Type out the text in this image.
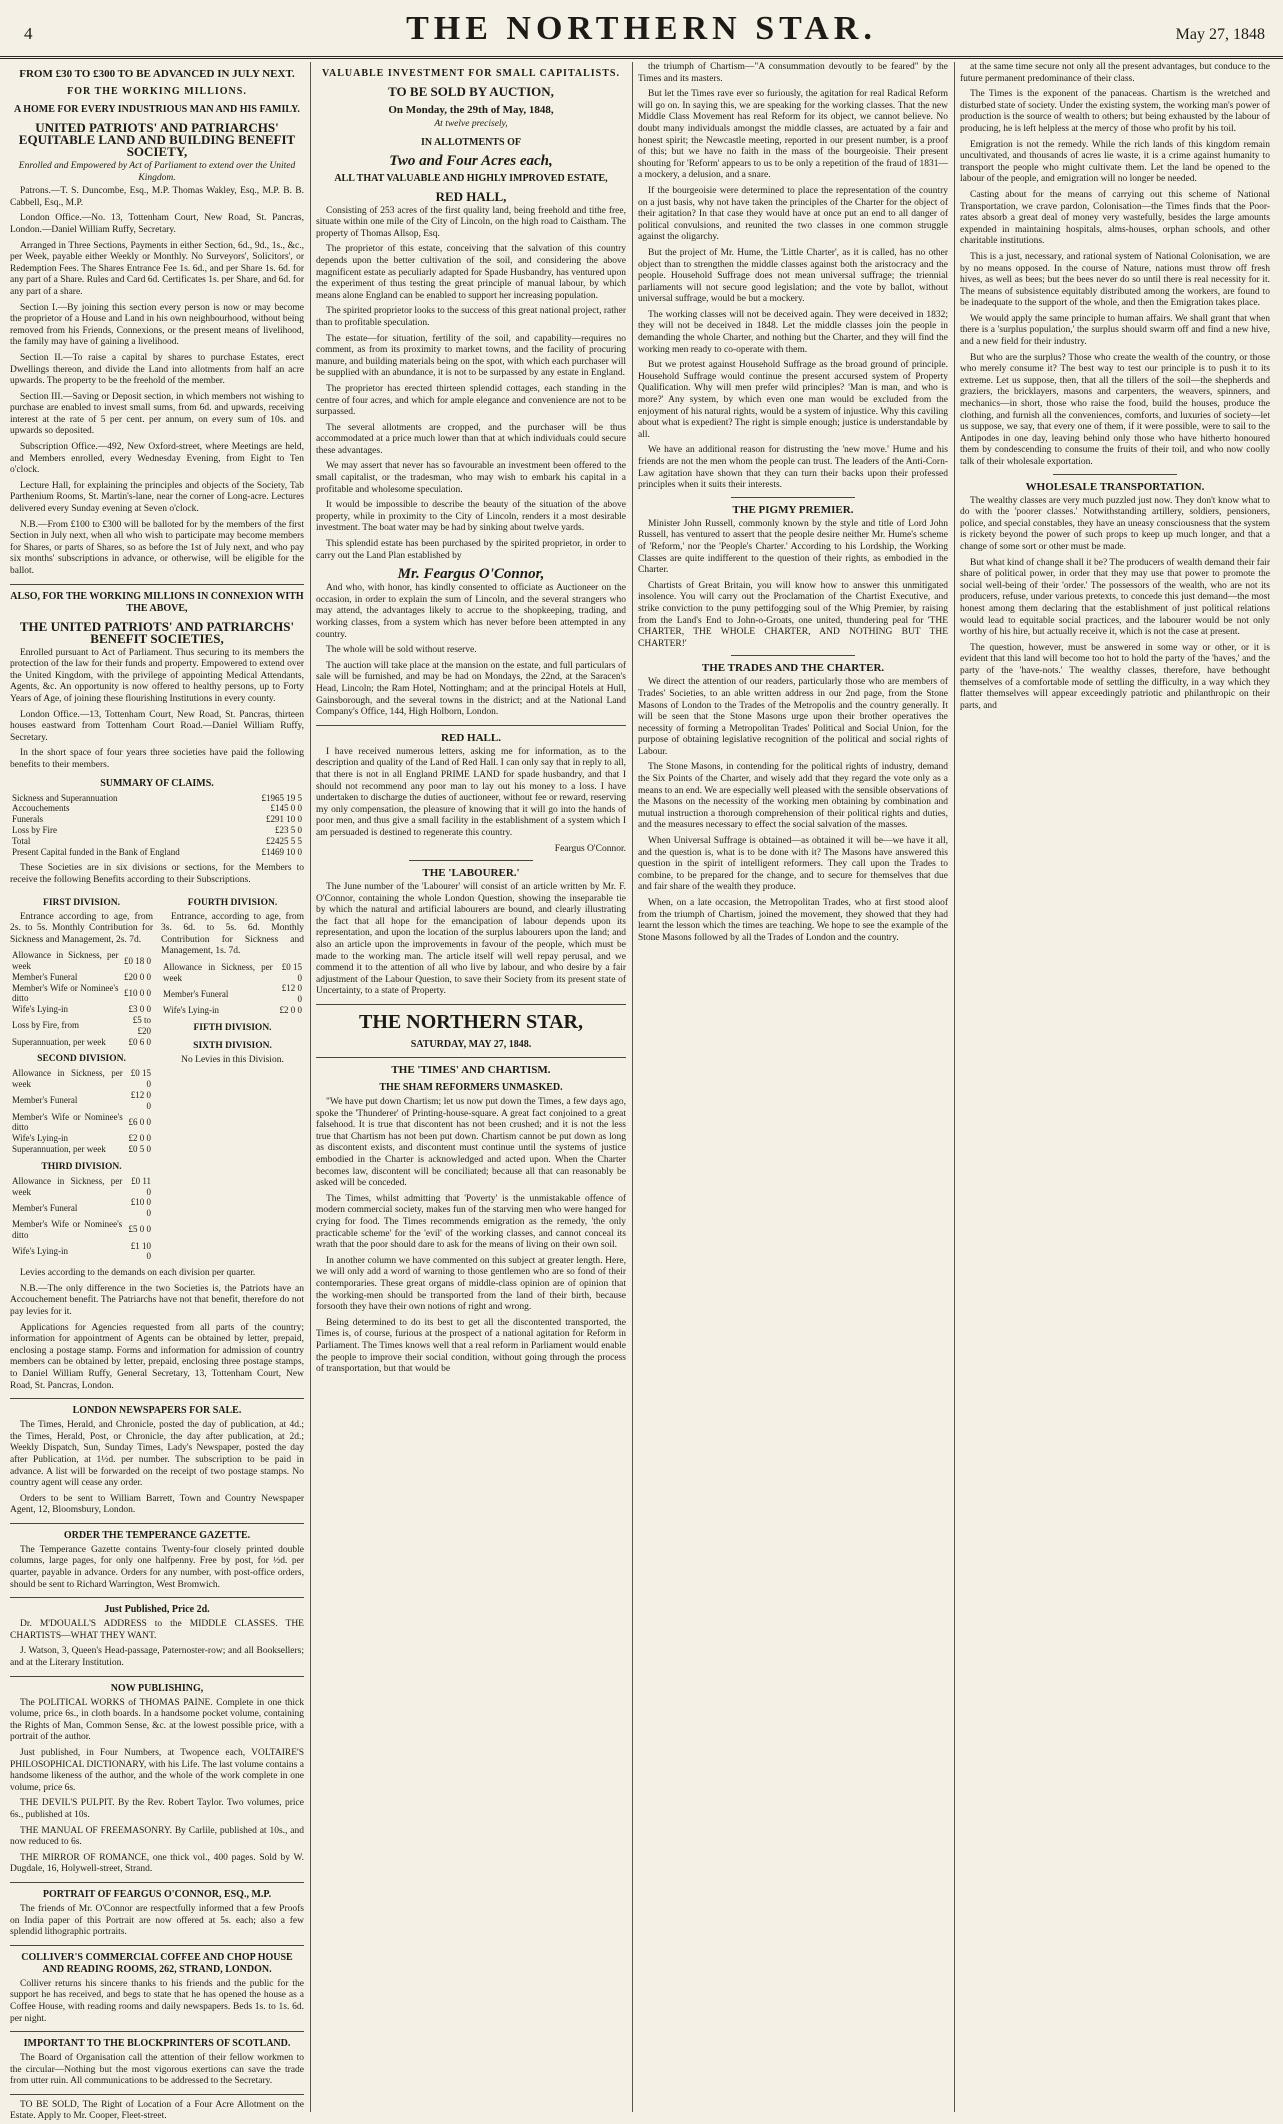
4	THE NORTHERN STAR.	May 27, 1848
FROM £30 TO £300 TO BE ADVANCED IN JULY NEXT.
FOR THE WORKING MILLIONS.
A HOME FOR EVERY INDUSTRIOUS MAN AND HIS FAMILY.
UNITED PATRIOTS' AND PATRIARCHS' EQUITABLE LAND AND BUILDING BENEFIT SOCIETY,
Enrolled and Empowered by Act of Parliament to extend over the United Kingdom.

Patrons.—T. S. Duncombe, Esq., M.P. Thomas Wakley, Esq., M.P. B. B. Cabbell, Esq., M.P.

London Office.—No. 13, Tottenham Court, New Road, St. Pancras, London.—Daniel William Ruffy, Secretary.

Arranged in Three Sections, Payments in either Section, 6d., 9d., 1s., &c., per Week, payable either Weekly or Monthly. No Surveyors', Solicitors', or Redemption Fees. The Shares Entrance Fee 1s. 6d., and per Share 1s. 6d. for any part of a Share. Rules and Card 6d. Certificates 1s. per Share, and 6d. for any part of a share.

Section I.—By joining this section every person is now or may become the proprietor of a House and Land in his own neighbourhood, without being removed from his Friends, Connexions, or the present means of livelihood, the family may have of gaining a livelihood.

Section II.—To raise a capital by shares to purchase Estates, erect Dwellings thereon, and divide the Land into allotments from half an acre upwards. The property to be the freehold of the member.

Section III.—Saving or Deposit section, in which members not wishing to purchase are enabled to invest small sums, from 6d. and upwards, receiving interest at the rate of 5 per cent. per annum, on every sum of 10s. and upwards so deposited.

Subscription Office.—492, New Oxford-street, where Meetings are held, and Members enrolled, every Wednesday Evening, from Eight to Ten o'clock.

Lecture Hall, for explaining the principles and objects of the Society, Tab Parthenium Rooms, St. Martin's-lane, near the corner of Long-acre. Lectures delivered every Sunday evening at Seven o'clock.

N.B.—From £100 to £300 will be balloted for by the members of the first Section in July next, when all who wish to participate may become members for Shares, or parts of Shares, so as before the 1st of July next, and who pay six months' subscriptions in advance, or otherwise, will be eligible for the ballot.

ALSO, FOR THE WORKING MILLIONS IN CONNEXION WITH THE ABOVE,
THE UNITED PATRIOTS' AND PATRIARCHS' BENEFIT SOCIETIES,

Enrolled pursuant to Act of Parliament. Thus securing to its members the protection of the law for their funds and property. Empowered to extend over the United Kingdom, with the privilege of appointing Medical Attendants, Agents, &c. An opportunity is now offered to healthy persons, up to Forty Years of Age, of joining these flourishing Institutions in every county.

London Office.—13, Tottenham Court, New Road, St. Pancras, thirteen houses eastward from Tottenham Court Road.—Daniel William Ruffy, Secretary.

In the short space of four years three societies have paid the following benefits to their members.

SUMMARY OF CLAIMS.
Sickness and Superannuation	£1965 19 5
Accouchements	£145 0 0
Funerals	£291 10 0
Loss by Fire	£23 5 0
Total	£2425 5 5
Present Capital funded in the Bank of England	£1469 10 0

These Societies are in six divisions or sections, for the Members to receive the following Benefits according to their Subscriptions.

FIRST DIVISION.

Entrance according to age, from 2s. to 5s. Monthly Contribution for Sickness and Management, 2s. 7d.

Allowance in Sickness, per week	£0 18 0
Member's Funeral	£20 0 0
Member's Wife or Nominee's ditto	£10 0 0
Wife's Lying-in	£3 0 0
Loss by Fire, from	£5 to £20
Superannuation, per week	£0 6 0
SECOND DIVISION.
Allowance in Sickness, per week	£0 15 0
Member's Funeral	£12 0 0
Member's Wife or Nominee's ditto	£6 0 0
Wife's Lying-in	£2 0 0
Superannuation, per week	£0 5 0
THIRD DIVISION.
Allowance in Sickness, per week	£0 11 0
Member's Funeral	£10 0 0
Member's Wife or Nominee's ditto	£5 0 0
Wife's Lying-in	£1 10 0
FOURTH DIVISION.

Entrance, according to age, from 3s. 6d. to 5s. 6d. Monthly Contribution for Sickness and Management, 1s. 7d.

Allowance in Sickness, per week	£0 15 0
Member's Funeral	£12 0 0
Wife's Lying-in	£2 0 0
FIFTH DIVISION.
SIXTH DIVISION.

No Levies in this Division.

Levies according to the demands on each division per quarter.

N.B.—The only difference in the two Societies is, the Patriots have an Accouchement benefit. The Patriarchs have not that benefit, therefore do not pay levies for it.

Applications for Agencies requested from all parts of the country; information for appointment of Agents can be obtained by letter, prepaid, enclosing a postage stamp. Forms and information for admission of country members can be obtained by letter, prepaid, enclosing three postage stamps, to Daniel William Ruffy, General Secretary, 13, Tottenham Court, New Road, St. Pancras, London.

LONDON NEWSPAPERS FOR SALE.

The Times, Herald, and Chronicle, posted the day of publication, at 4d.; the Times, Herald, Post, or Chronicle, the day after publication, at 2d.; Weekly Dispatch, Sun, Sunday Times, Lady's Newspaper, posted the day after Publication, at 1½d. per number. The subscription to be paid in advance. A list will be forwarded on the receipt of two postage stamps. No country agent will cease any order.

Orders to be sent to William Barrett, Town and Country Newspaper Agent, 12, Bloomsbury, London.

ORDER THE TEMPERANCE GAZETTE.

The Temperance Gazette contains Twenty-four closely printed double columns, large pages, for only one halfpenny. Free by post, for ½d. per quarter, payable in advance. Orders for any number, with post-office orders, should be sent to Richard Warrington, West Bromwich.

Just Published, Price 2d.

Dr. M'DOUALL'S ADDRESS to the MIDDLE CLASSES. THE CHARTISTS—WHAT THEY WANT.

J. Watson, 3, Queen's Head-passage, Paternoster-row; and all Booksellers; and at the Literary Institution.

NOW PUBLISHING,

The POLITICAL WORKS of THOMAS PAINE. Complete in one thick volume, price 6s., in cloth boards. In a handsome pocket volume, containing the Rights of Man, Common Sense, &c. at the lowest possible price, with a portrait of the author.

Just published, in Four Numbers, at Twopence each, VOLTAIRE'S PHILOSOPHICAL DICTIONARY, with his Life. The last volume contains a handsome likeness of the author, and the whole of the work complete in one volume, price 6s.

THE DEVIL'S PULPIT. By the Rev. Robert Taylor. Two volumes, price 6s., published at 10s.

THE MANUAL OF FREEMASONRY. By Carlile, published at 10s., and now reduced to 6s.

THE MIRROR OF ROMANCE, one thick vol., 400 pages. Sold by W. Dugdale, 16, Holywell-street, Strand.

PORTRAIT OF FEARGUS O'CONNOR, ESQ., M.P.

The friends of Mr. O'Connor are respectfully informed that a few Proofs on India paper of this Portrait are now offered at 5s. each; also a few splendid lithographic portraits.

COLLIVER'S COMMERCIAL COFFEE AND CHOP HOUSE AND READING ROOMS, 262, STRAND, LONDON.

Colliver returns his sincere thanks to his friends and the public for the support he has received, and begs to state that he has opened the house as a Coffee House, with reading rooms and daily newspapers. Beds 1s. to 1s. 6d. per night.

IMPORTANT TO THE BLOCKPRINTERS OF SCOTLAND.

The Board of Organisation call the attention of their fellow workmen to the circular—Nothing but the most vigorous exertions can save the trade from utter ruin. All communications to be addressed to the Secretary.

TO BE SOLD, The Right of Location of a Four Acre Allotment on the Estate. Apply to Mr. Cooper, Fleet-street.

VALUABLE INVESTMENT FOR SMALL CAPITALISTS.
TO BE SOLD BY AUCTION,
On Monday, the 29th of May, 1848,
At twelve precisely,
IN ALLOTMENTS OF
Two and Four Acres each,
ALL THAT VALUABLE AND HIGHLY IMPROVED ESTATE,
RED HALL,

Consisting of 253 acres of the first quality land, being freehold and tithe free, situate within one mile of the City of Lincoln, on the high road to Caistham. The property of Thomas Allsop, Esq.

The proprietor of this estate, conceiving that the salvation of this country depends upon the better cultivation of the soil, and considering the above magnificent estate as peculiarly adapted for Spade Husbandry, has ventured upon the experiment of thus testing the great principle of manual labour, by which means alone England can be enabled to support her increasing population.

The spirited proprietor looks to the success of this great national project, rather than to profitable speculation.

The estate—for situation, fertility of the soil, and capability—requires no comment, as from its proximity to market towns, and the facility of procuring manure, and building materials being on the spot, with which each purchaser will be supplied with an abundance, it is not to be surpassed by any estate in England.

The proprietor has erected thirteen splendid cottages, each standing in the centre of four acres, and which for ample elegance and convenience are not to be surpassed.

The several allotments are cropped, and the purchaser will be thus accommodated at a price much lower than that at which individuals could secure these advantages.

We may assert that never has so favourable an investment been offered to the small capitalist, or the tradesman, who may wish to embark his capital in a profitable and wholesome speculation.

It would be impossible to describe the beauty of the situation of the above property, while in proximity to the City of Lincoln, renders it a most desirable investment. The boat water may be had by sinking about twelve yards.

This splendid estate has been purchased by the spirited proprietor, in order to carry out the Land Plan established by

Mr. Feargus O'Connor,

And who, with honor, has kindly consented to officiate as Auctioneer on the occasion, in order to explain the sum of Lincoln, and the several strangers who may attend, the advantages likely to accrue to the shopkeeping, trading, and working classes, from a system which has never before been attempted in any country.

The whole will be sold without reserve.

The auction will take place at the mansion on the estate, and full particulars of sale will be furnished, and may be had on Mondays, the 22nd, at the Saracen's Head, Lincoln; the Ram Hotel, Nottingham; and at the principal Hotels at Hull, Gainsborough, and the several towns in the district; and at the National Land Company's Office, 144, High Holborn, London.

RED HALL.

I have received numerous letters, asking me for information, as to the description and quality of the Land of Red Hall. I can only say that in reply to all, that there is not in all England PRIME LAND for spade husbandry, and that I should not recommend any poor man to lay out his money to a loss. I have undertaken to discharge the duties of auctioneer, without fee or reward, reserving my only compensation, the pleasure of knowing that it will go into the hands of poor men, and thus give a small facility in the establishment of a system which I am persuaded is destined to regenerate this country.

Feargus O'Connor.

THE 'LABOURER.'

The June number of the 'Labourer' will consist of an article written by Mr. F. O'Connor, containing the whole London Question, showing the inseparable tie by which the natural and artificial labourers are bound, and clearly illustrating the fact that all hope for the emancipation of labour depends upon its representation, and upon the location of the surplus labourers upon the land; and also an article upon the improvements in favour of the people, which must be made to the working man. The article itself will well repay perusal, and we commend it to the attention of all who live by labour, and who desire by a fair adjustment of the Labour Question, to save their Society from its present state of Uncertainty, to a state of Property.

THE NORTHERN STAR,
SATURDAY, MAY 27, 1848.
THE 'TIMES' AND CHARTISM.
THE SHAM REFORMERS UNMASKED.

"We have put down Chartism; let us now put down the Times, a few days ago, spoke the 'Thunderer' of Printing-house-square. A great fact conjoined to a great falsehood. It is true that discontent has not been crushed; and it is not the less true that Chartism has not been put down. Chartism cannot be put down as long as discontent exists, and discontent must continue until the systems of justice embodied in the Charter is acknowledged and acted upon. When the Charter becomes law, discontent will be conciliated; because all that can reasonably be asked will be conceded.

The Times, whilst admitting that 'Poverty' is the unmistakable offence of modern commercial society, makes fun of the starving men who were hanged for crying for food. The Times recommends emigration as the remedy, 'the only practicable scheme' for the 'evil' of the working classes, and cannot conceal its wrath that the poor should dare to ask for the means of living on their own soil.

In another column we have commented on this subject at greater length. Here, we will only add a word of warning to those gentlemen who are so fond of their contemporaries. These great organs of middle-class opinion are of opinion that the working-men should be transported from the land of their birth, because forsooth they have their own notions of right and wrong.

Being determined to do its best to get all the discontented transported, the Times is, of course, furious at the prospect of a national agitation for Reform in Parliament. The Times knows well that a real reform in Parliament would enable the people to improve their social condition, without going through the process of transportation, but that would be

the triumph of Chartism—"A consummation devoutly to be feared" by the Times and its masters.

But let the Times rave ever so furiously, the agitation for real Radical Reform will go on. In saying this, we are speaking for the working classes. That the new Middle Class Movement has real Reform for its object, we cannot believe. No doubt many individuals amongst the middle classes, are actuated by a fair and honest spirit; the Newcastle meeting, reported in our present number, is a proof of this; but we have no faith in the mass of the bourgeoisie. Their present shouting for 'Reform' appears to us to be only a repetition of the fraud of 1831—a mockery, a delusion, and a snare.

If the bourgeoisie were determined to place the representation of the country on a just basis, why not have taken the principles of the Charter for the object of their agitation? In that case they would have at once put an end to all danger of political convulsions, and reunited the two classes in one common struggle against the oligarchy.

But the project of Mr. Hume, the 'Little Charter', as it is called, has no other object than to strengthen the middle classes against both the aristocracy and the people. Household Suffrage does not mean universal suffrage; the triennial parliaments will not secure good legislation; and the vote by ballot, without universal suffrage, would be but a mockery.

The working classes will not be deceived again. They were deceived in 1832; they will not be deceived in 1848. Let the middle classes join the people in demanding the whole Charter, and nothing but the Charter, and they will find the working men ready to co-operate with them.

But we protest against Household Suffrage as the broad ground of principle. Household Suffrage would continue the present accursed system of Property Qualification. Why will men prefer wild principles? 'Man is man, and who is more?' Any system, by which even one man would be excluded from the enjoyment of his natural rights, would be a system of injustice. Why this caviling about what is expedient? The right is simple enough; justice is understandable by all.

We have an additional reason for distrusting the 'new move.' Hume and his friends are not the men whom the people can trust. The leaders of the Anti-Corn-Law agitation have shown that they can turn their backs upon their professed principles when it suits their interests.

THE PIGMY PREMIER.

Minister John Russell, commonly known by the style and title of Lord John Russell, has ventured to assert that the people desire neither Mr. Hume's scheme of 'Reform,' nor the 'People's Charter.' According to his Lordship, the Working Classes are quite indifferent to the question of their rights, as embodied in the Charter.

Chartists of Great Britain, you will know how to answer this unmitigated insolence. You will carry out the Proclamation of the Chartist Executive, and strike conviction to the puny pettifogging soul of the Whig Premier, by raising from the Land's End to John-o-Groats, one united, thundering peal for 'THE CHARTER, THE WHOLE CHARTER, AND NOTHING BUT THE CHARTER!'

THE TRADES AND THE CHARTER.

We direct the attention of our readers, particularly those who are members of Trades' Societies, to an able written address in our 2nd page, from the Stone Masons of London to the Trades of the Metropolis and the country generally. It will be seen that the Stone Masons urge upon their brother operatives the necessity of forming a Metropolitan Trades' Political and Social Union, for the purpose of obtaining legislative recognition of the political and social rights of Labour.

The Stone Masons, in contending for the political rights of industry, demand the Six Points of the Charter, and wisely add that they regard the vote only as a means to an end. We are especially well pleased with the sensible observations of the Masons on the necessity of the working men obtaining by combination and mutual instruction a thorough comprehension of their political rights and duties, and the measures necessary to effect the social salvation of the masses.

When Universal Suffrage is obtained—as obtained it will be—we have it all, and the question is, what is to be done with it? The Masons have answered this question in the spirit of intelligent reformers. They call upon the Trades to combine, to be prepared for the change, and to secure for themselves that due and fair share of the wealth they produce.

When, on a late occasion, the Metropolitan Trades, who at first stood aloof from the triumph of Chartism, joined the movement, they showed that they had learnt the lesson which the times are teaching. We hope to see the example of the Stone Masons followed by all the Trades of London and the country.

at the same time secure not only all the present advantages, but conduce to the future permanent predominance of their class.

The Times is the exponent of the panaceas. Chartism is the wretched and disturbed state of society. Under the existing system, the working man's power of production is the source of wealth to others; but being exhausted by the labour of producing, he is left helpless at the mercy of those who profit by his toil.

Emigration is not the remedy. While the rich lands of this kingdom remain uncultivated, and thousands of acres lie waste, it is a crime against humanity to transport the people who might cultivate them. Let the land be opened to the labour of the people, and emigration will no longer be needed.

Casting about for the means of carrying out this scheme of National Transportation, we crave pardon, Colonisation—the Times finds that the Poor-rates absorb a great deal of money very wastefully, besides the large amounts expended in maintaining hospitals, alms-houses, orphan schools, and other charitable institutions.

This is a just, necessary, and rational system of National Colonisation, we are by no means opposed. In the course of Nature, nations must throw off fresh hives, as well as bees; but the bees never do so until there is real necessity for it. The means of subsistence equitably distributed among the workers, are found to be inadequate to the support of the whole, and then the Emigration takes place.

We would apply the same principle to human affairs. We shall grant that when there is a 'surplus population,' the surplus should swarm off and find a new hive, and a new field for their industry.

But who are the surplus? Those who create the wealth of the country, or those who merely consume it? The best way to test our principle is to push it to its extreme. Let us suppose, then, that all the tillers of the soil—the shepherds and graziers, the bricklayers, masons and carpenters, the weavers, spinners, and mechanics—in short, those who raise the food, build the houses, produce the clothing, and furnish all the conveniences, comforts, and luxuries of society—let us suppose, we say, that every one of them, if it were possible, were to sail to the Antipodes in one day, leaving behind only those who have hitherto honoured them by condescending to consume the fruits of their toil, and who now coolly talk of their wholesale exportation.

WHOLESALE TRANSPORTATION.

The wealthy classes are very much puzzled just now. They don't know what to do with the 'poorer classes.' Notwithstanding artillery, soldiers, pensioners, police, and special constables, they have an uneasy consciousness that the system is rickety beyond the power of such props to keep up much longer, and that a change of some sort or other must be made.

But what kind of change shall it be? The producers of wealth demand their fair share of political power, in order that they may use that power to promote the social well-being of their 'order.' The possessors of the wealth, who are not its producers, refuse, under various pretexts, to concede this just demand—the most honest among them declaring that the establishment of just political relations would lead to equitable social practices, and the labourer would be not only worthy of his hire, but actually receive it, which is not the case at present.

The question, however, must be answered in some way or other, or it is evident that this land will become too hot to hold the party of the 'haves,' and the party of the 'have-nots.' The wealthy classes, therefore, have bethought themselves of a comfortable mode of settling the difficulty, in a way which they flatter themselves will appear exceedingly patriotic and philanthropic on their parts, and
